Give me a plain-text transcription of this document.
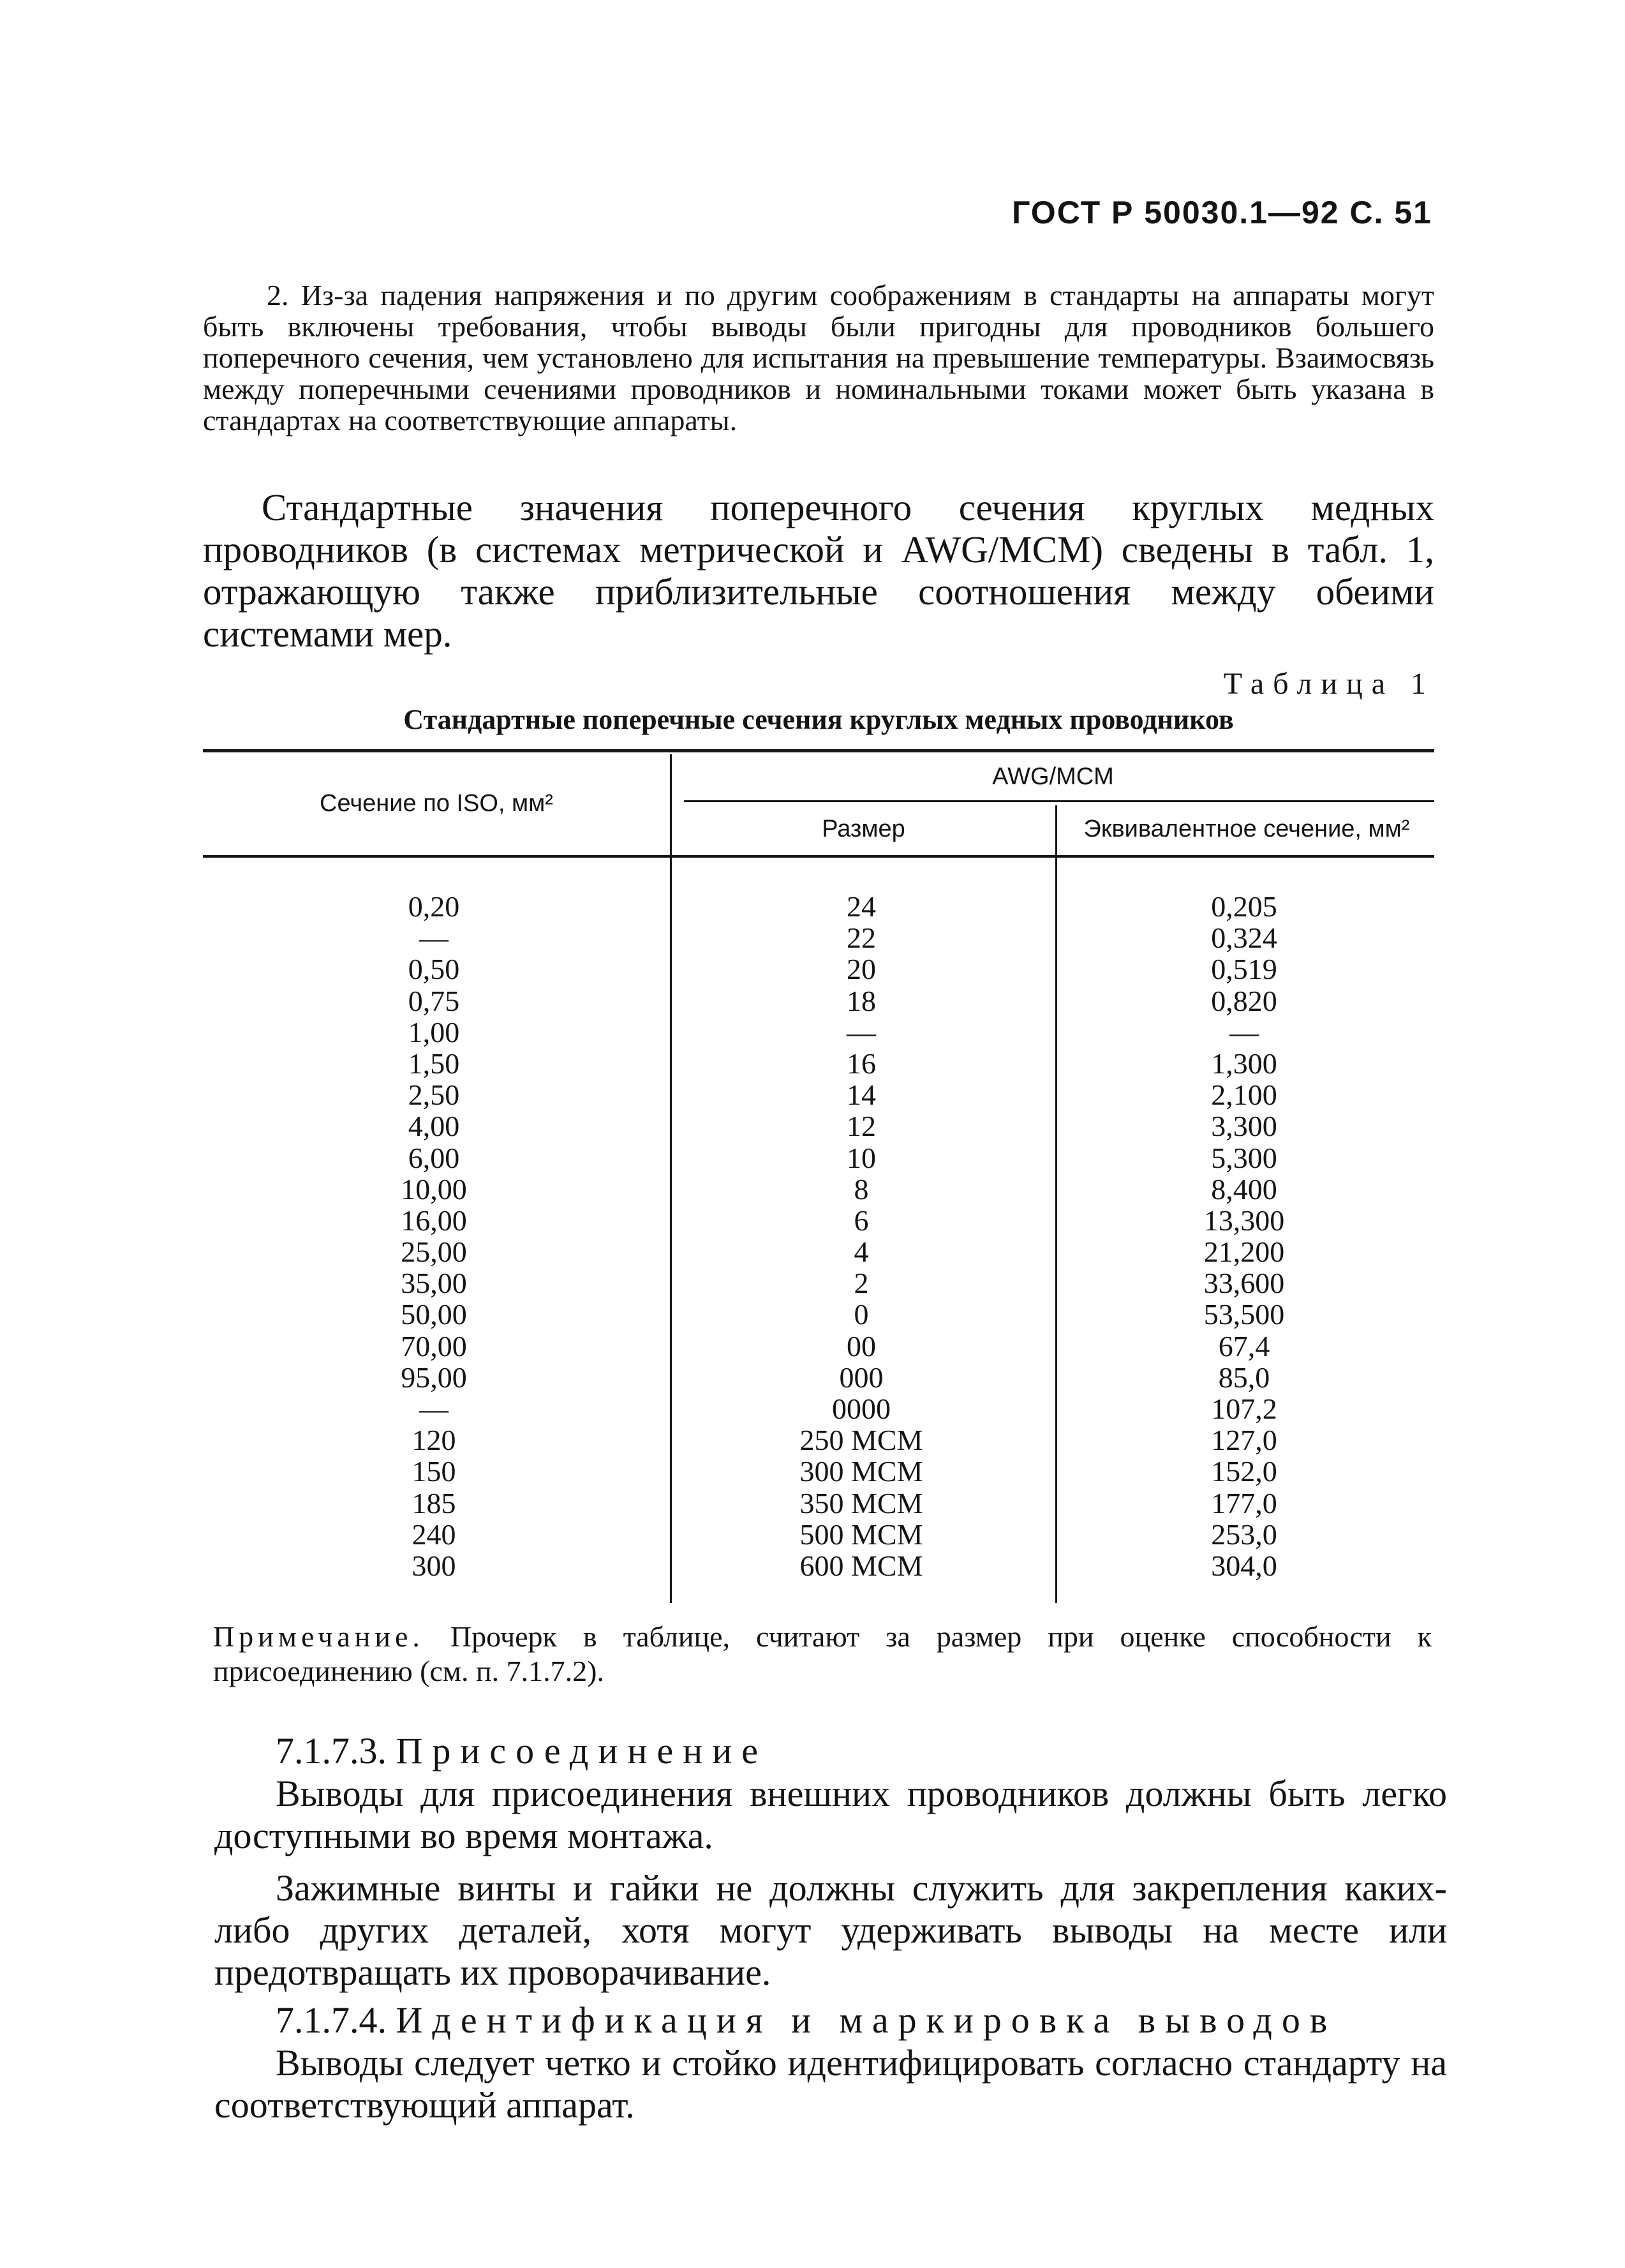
ГОСТ Р 50030.1—92 С. 51
2. Из-за падения напряжения и по другим соображениям в стандарты на аппараты могут быть включены требования, чтобы выводы были пригодны для проводников большего поперечного сечения, чем установлено для испытания на превышение температуры. Взаимосвязь между поперечными сечениями проводников и номинальными токами может быть указана в стандартах на соответствующие аппараты.
Стандартные значения поперечного сечения круглых медных проводников (в системах метрической и AWG/MCM) сведены в табл. 1, отражающую также приблизительные соотношения между обеими системами мер.
Таблица 1
Стандартные поперечные сечения круглых медных проводников
Сечение по ISO, мм²
AWG/MCM
Размер	Эквивалентное сечение, мм²
0,20
—
0,50
0,75
1,00
1,50
2,50
4,00
6,00
10,00
16,00
25,00
35,00
50,00
70,00
95,00
—
120
150
185
240
300
24
22
20
18
—
16
14
12
10
8
6
4
2
0
00
000
0000
250 MCM
300 MCM
350 MCM
500 MCM
600 MCM
0,205
0,324
0,519
0,820
—
1,300
2,100
3,300
5,300
8,400
13,300
21,200
33,600
53,500
67,4
85,0
107,2
127,0
152,0
177,0
253,0
304,0
Примечание. Прочерк в таблице, считают за размер при оценке способности к присоединению (см. п. 7.1.7.2).
7.1.7.3. Присоединение
Выводы для присоединения внешних проводников должны быть легко доступными во время монтажа.
Зажимные винты и гайки не должны служить для закрепления каких-либо других деталей, хотя могут удерживать выводы на месте или предотвращать их проворачивание.
7.1.7.4. Идентификация и маркировка выводов
Выводы следует четко и стойко идентифицировать согласно стандарту на соответствующий аппарат.
